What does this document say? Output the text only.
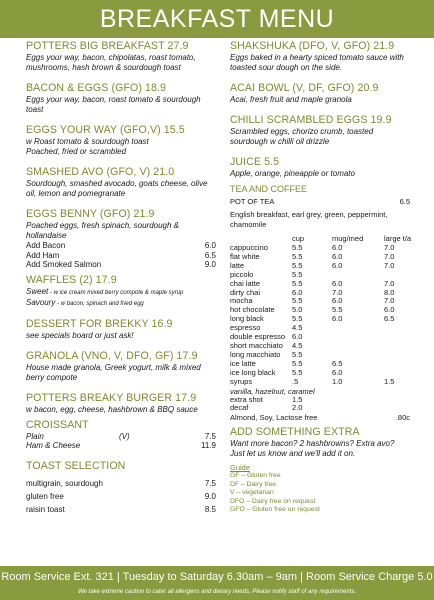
BREAKFAST MENU
POTTERS BIG BREAKFAST 27.9
Eggs your way, bacon, chipolatas, roast tomato, mushrooms, hash brown & sourdough toast
BACON & EGGS (GFO) 18.9
Eggs your way, bacon, roast tomato & sourdough toast
EGGS YOUR WAY (GFO,V) 15.5
w Roast tomato & sourdough toast
Poached, fried or scrambled
SMASHED AVO (GFO, V) 21.0
Sourdough, smashed avocado, goats cheese, olive oil, lemon and pomegranate
EGGS BENNY (GFO) 21.9
Poached eggs, fresh spinach, sourdough & hollandaise
Add Bacon	6.0
Add Ham	6.5
Add Smoked Salmon	9.0
WAFFLES (2) 17.9
Sweet - w ice cream mixed berry compote & maple syrup
Savoury - w bacon, spinach and fried egg
DESSERT FOR BREKKY 16.9
see specials board or just ask!
GRANOLA (VNO, V, DFO, GF) 17.9
House made granola, Greek yogurt, milk & mixed berry compote
POTTERS BREAKY BURGER 17.9
w bacon, egg, cheese, hashbrown & BBQ sauce
CROISSANT
Plain	(V)	7.5
Ham & Cheese	11.9
TOAST SELECTION
multigrain, sourdough	7.5
gluten free	9.0
raisin toast	8.5
SHAKSHUKA (DFO, V, GFO) 21.9
Eggs baked in a hearty spiced tomato sauce with toasted sour dough on the side.
ACAI BOWL (V, DF, GFO) 20.9
Acai, fresh fruit and maple granola
CHILLI SCRAMBLED EGGS 19.9
Scrambled eggs, chorizo crumb, toasted sourdough w chilli oil drizzle
JUICE 5.5
Apple, orange, pineapple or tomato
TEA AND COFFEE
POT OF TEA	6.5
English breakfast, earl grey, green, peppermint, chamomile
cup	mug/med	large t/a
cappuccino	5.5	6.0	7.0
flat white	5.5	6.0	7.0
latte	5.5	6.0	7.0
piccolo	5.5
chai latte	5.5	6.0	7.0
dirty chai	6.0	7.0	8.0
mocha	5.5	6.0	7.0
hot chocolate	5.0	5.5	6.0
long black	5.5	6.0	6.5
espresso	4.5
double espresso 6.0
short macchiato	4.5
long macchiato	5.5
ice latte	5.5	6.5
ice long black	5.5	6.0
syrups	.5	1.0	1.5
vanilla, hazelnut, caramel
extra shot	1.5
decaf	2.0
Almond, Soy, Lactose free	.80c
ADD SOMETHING EXTRA
Want more bacon? 2 hashbrowns? Extra avo? Just let us know and we'll add it on.
Guide
GF – Gluten free
DF – Dairy free
V – vegetarian
DFO – Dairy free on request
GFO – Gluten free on request
Room Service Ext. 321 | Tuesday to Saturday 6.30am – 9am | Room Service Charge 5.0
We take extreme caution to cater all allergens and dietary needs. Please notify staff of any requirements.
